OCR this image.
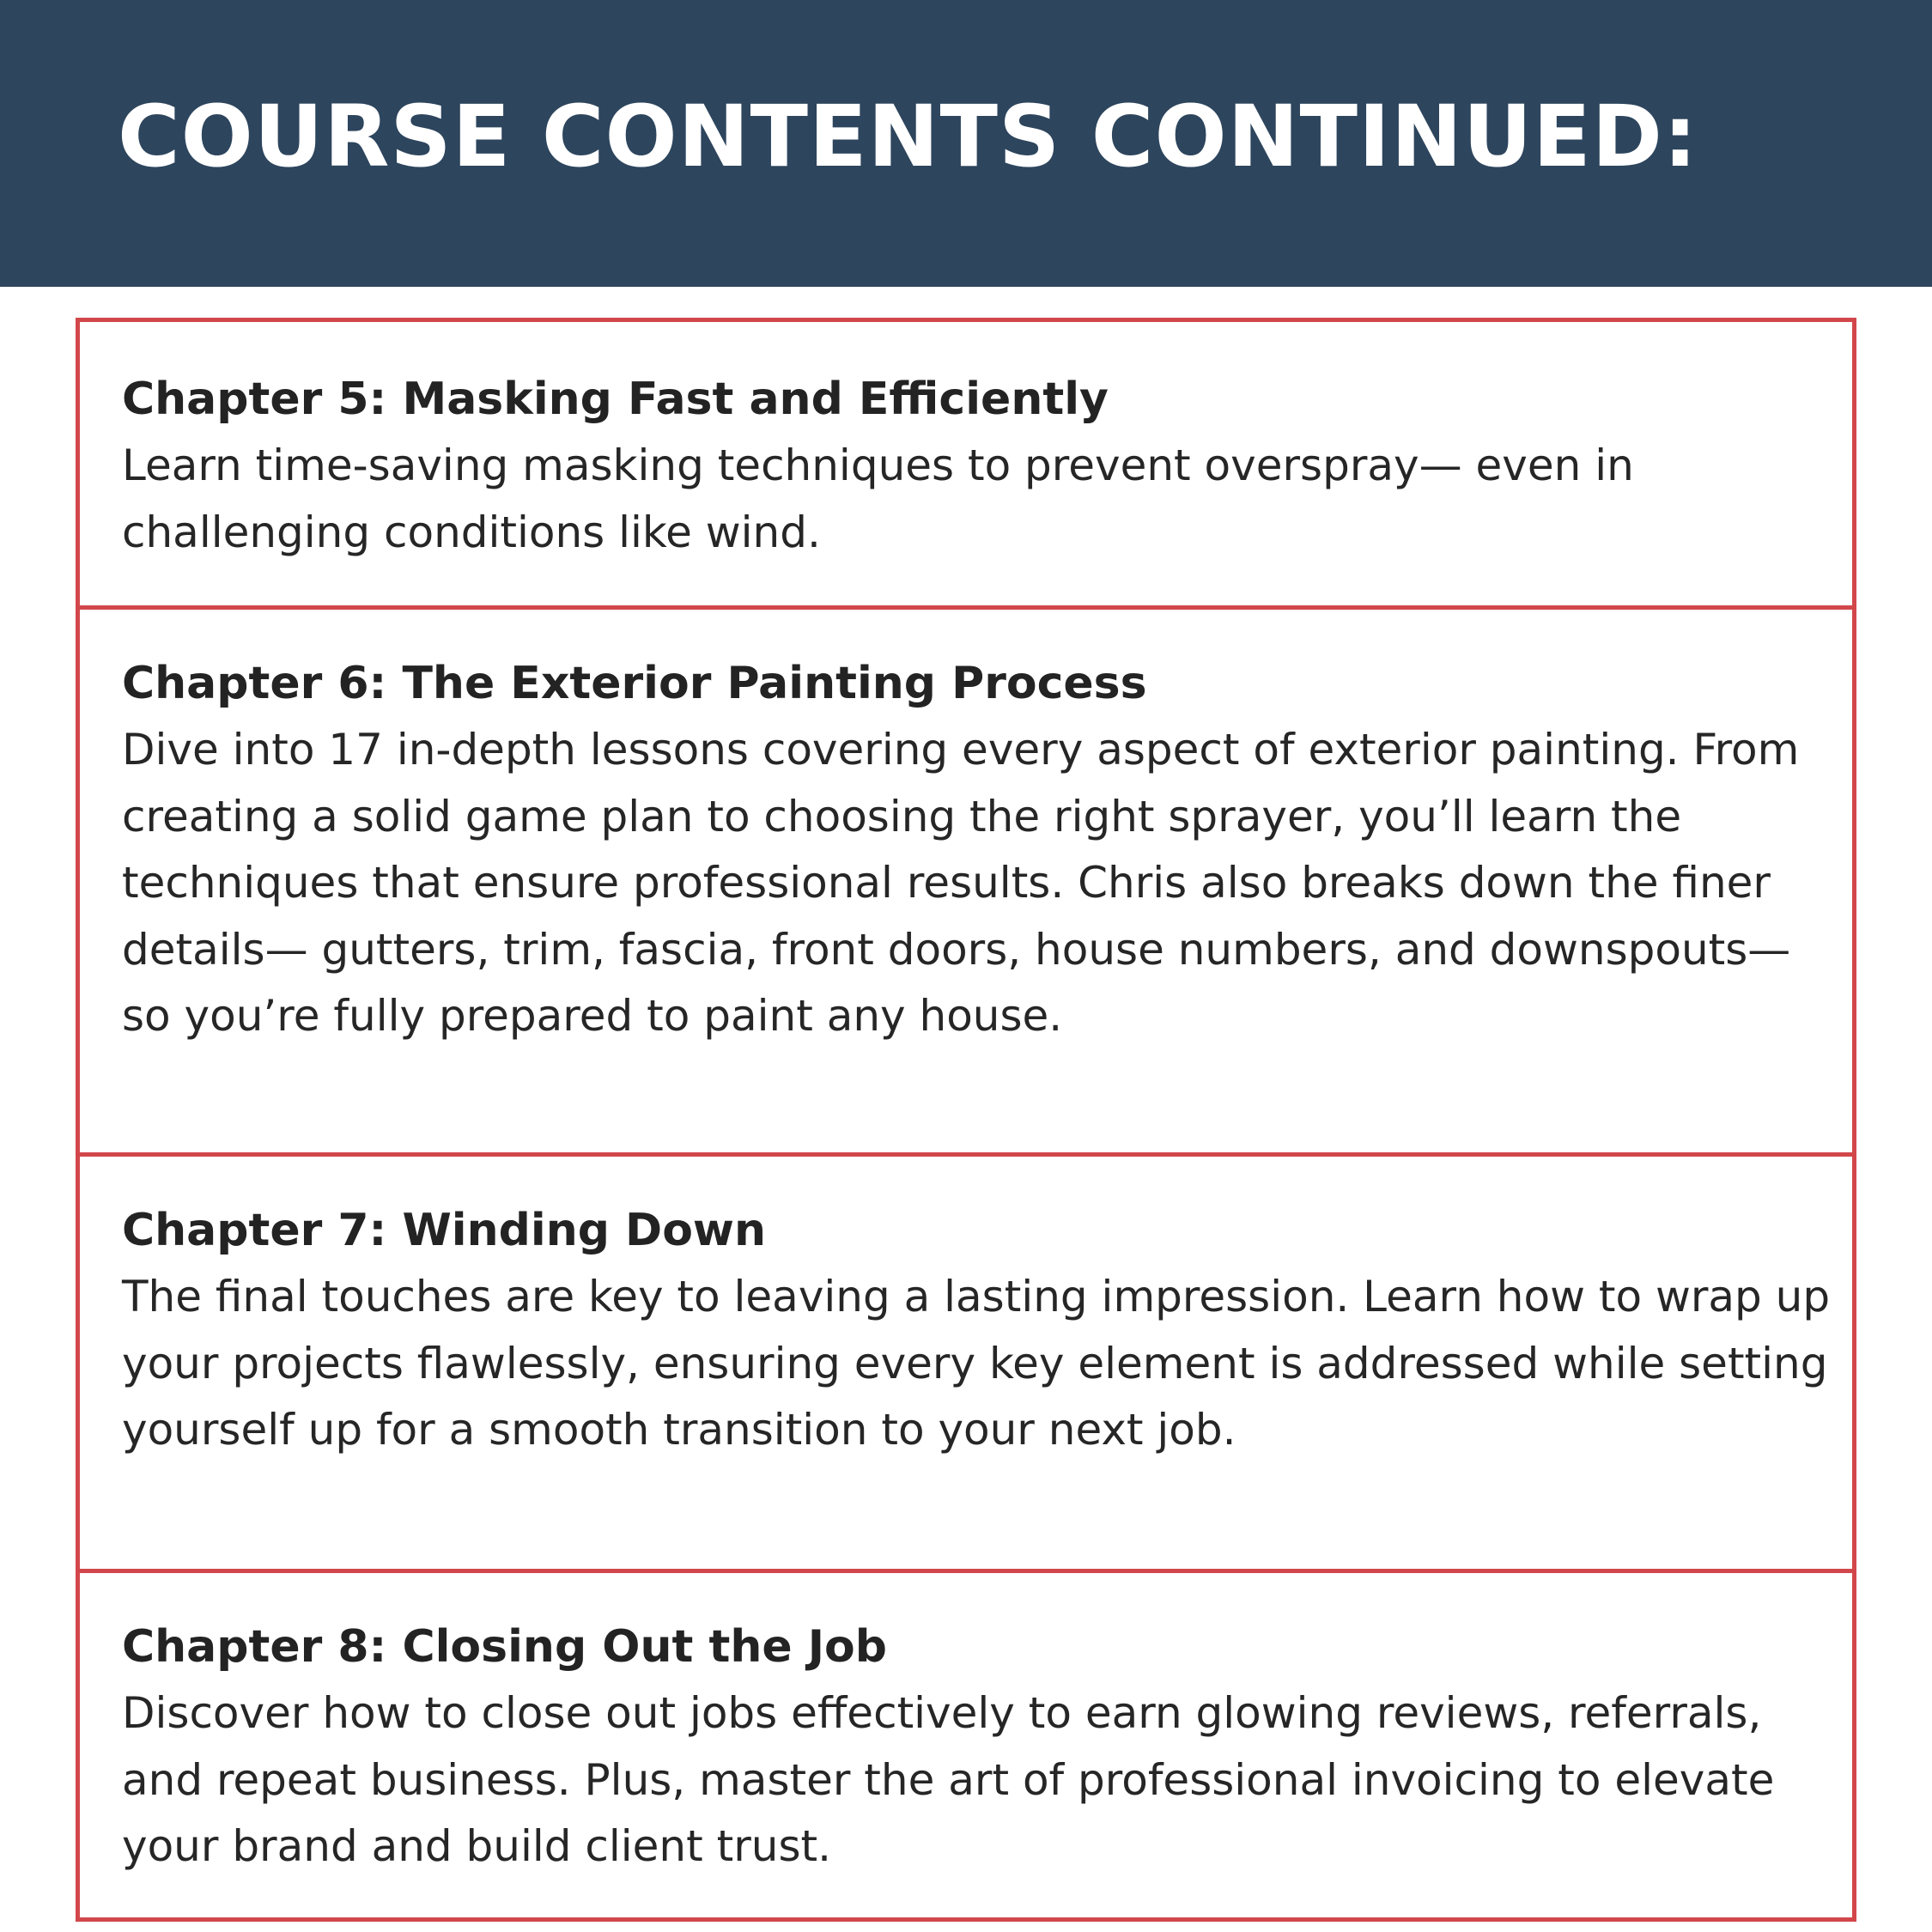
COURSE CONTENTS CONTINUED:
Chapter 5: Masking Fast and Efficiently

Learn time-saving masking techniques to prevent overspray— even in challenging conditions like wind.

Chapter 6: The Exterior Painting Process

Dive into 17 in-depth lessons covering every aspect of exterior painting. From creating a solid game plan to choosing the right sprayer, you’ll learn the techniques that ensure professional results. Chris also breaks down the finer details— gutters, trim, fascia, front doors, house numbers, and downspouts— so you’re fully prepared to paint any house.

Chapter 7: Winding Down

The final touches are key to leaving a lasting impression. Learn how to wrap up your projects flawlessly, ensuring every key element is addressed while setting yourself up for a smooth transition to your next job.

Chapter 8: Closing Out the Job

Discover how to close out jobs effectively to earn glowing reviews, referrals, and repeat business. Plus, master the art of professional invoicing to elevate your brand and build client trust.
